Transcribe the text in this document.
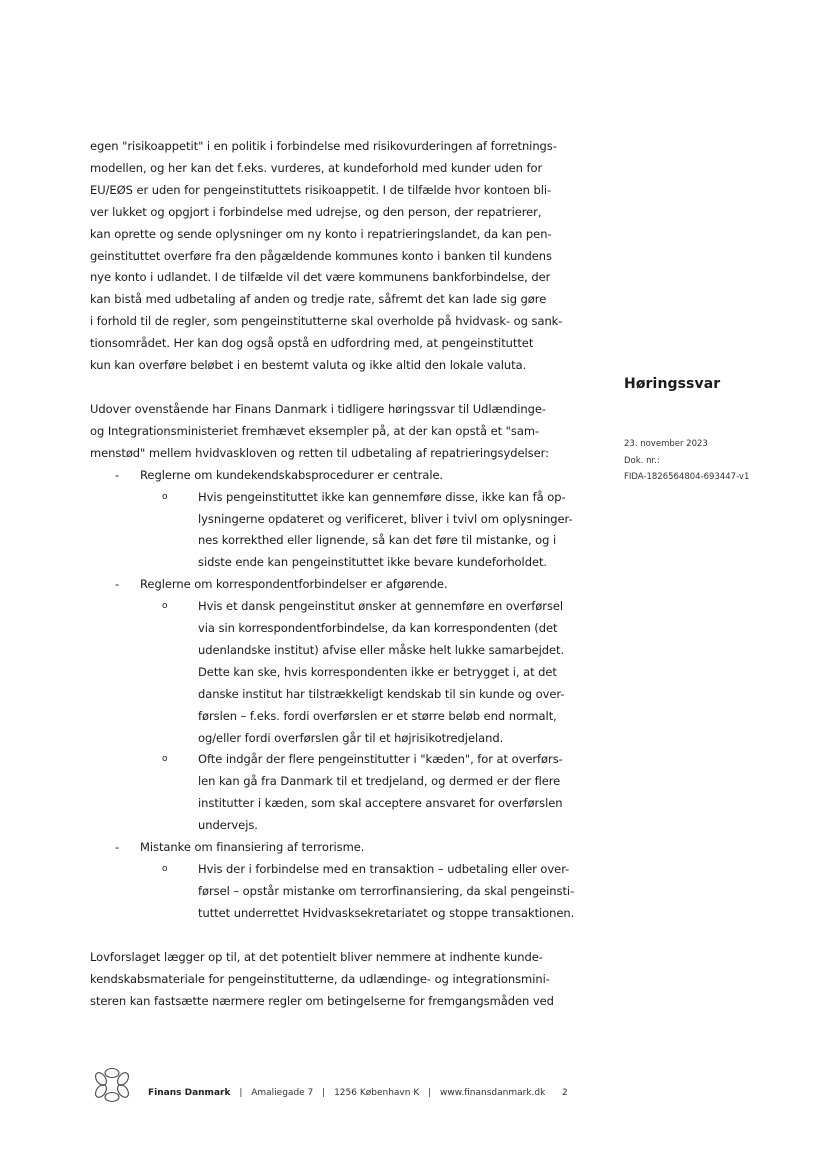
egen "risikoappetit" i en politik i forbindelse med risikovurderingen af forretnings-
modellen, og her kan det f.eks. vurderes, at kundeforhold med kunder uden for
EU/EØS er uden for pengeinstituttets risikoappetit. I de tilfælde hvor kontoen bli-
ver lukket og opgjort i forbindelse med udrejse, og den person, der repatrierer,
kan oprette og sende oplysninger om ny konto i repatrieringslandet, da kan pen-
geinstituttet overføre fra den pågældende kommunes konto i banken til kundens
nye konto i udlandet. I de tilfælde vil det være kommunens bankforbindelse, der
kan bistå med udbetaling af anden og tredje rate, såfremt det kan lade sig gøre
i forhold til de regler, som pengeinstitutterne skal overholde på hvidvask- og sank-
tionsområdet. Her kan dog også opstå en udfordring med, at pengeinstituttet
kun kan overføre beløbet i en bestemt valuta og ikke altid den lokale valuta.

Udover ovenstående har Finans Danmark i tidligere høringssvar til Udlændinge-
og Integrationsministeriet fremhævet eksempler på, at der kan opstå et "sam-
menstød" mellem hvidvaskloven og retten til udbetaling af repatrieringsydelser:

- Reglerne om kundekendskabsprocedurer er centrale.
o	Hvis pengeinstituttet ikke kan gennemføre disse, ikke kan få op-
lysningerne opdateret og verificeret, bliver i tvivl om oplysninger-
nes korrekthed eller lignende, så kan det føre til mistanke, og i
sidste ende kan pengeinstituttet ikke bevare kundeforholdet.
- Reglerne om korrespondentforbindelser er afgørende.
o	Hvis et dansk pengeinstitut ønsker at gennemføre en overførsel
via sin korrespondentforbindelse, da kan korrespondenten (det
udenlandske institut) afvise eller måske helt lukke samarbejdet.
Dette kan ske, hvis korrespondenten ikke er betrygget i, at det
danske institut har tilstrækkeligt kendskab til sin kunde og over-
førslen – f.eks. fordi overførslen er et større beløb end normalt,
og/eller fordi overførslen går til et højrisikotredjeland.
o	Ofte indgår der flere pengeinstitutter i "kæden", for at overførs-
len kan gå fra Danmark til et tredjeland, og dermed er der flere
institutter i kæden, som skal acceptere ansvaret for overførslen
undervejs.
- Mistanke om finansiering af terrorisme.
o	Hvis der i forbindelse med en transaktion – udbetaling eller over-
førsel – opstår mistanke om terrorfinansiering, da skal pengeinsti-
tuttet underrettet Hvidvasksekretariatet og stoppe transaktionen.

Lovforslaget lægger op til, at det potentielt bliver nemmere at indhente kunde-
kendskabsmateriale for pengeinstitutterne, da udlændinge- og integrationsmini-
steren kan fastsætte nærmere regler om betingelserne for fremgangsmåden ved

Høringssvar
23. november 2023
Dok. nr.:
FIDA-1826564804-693447-v1
Finans Danmark | Amaliegade 7 | 1256 København K | www.finansdanmark.dk 2
